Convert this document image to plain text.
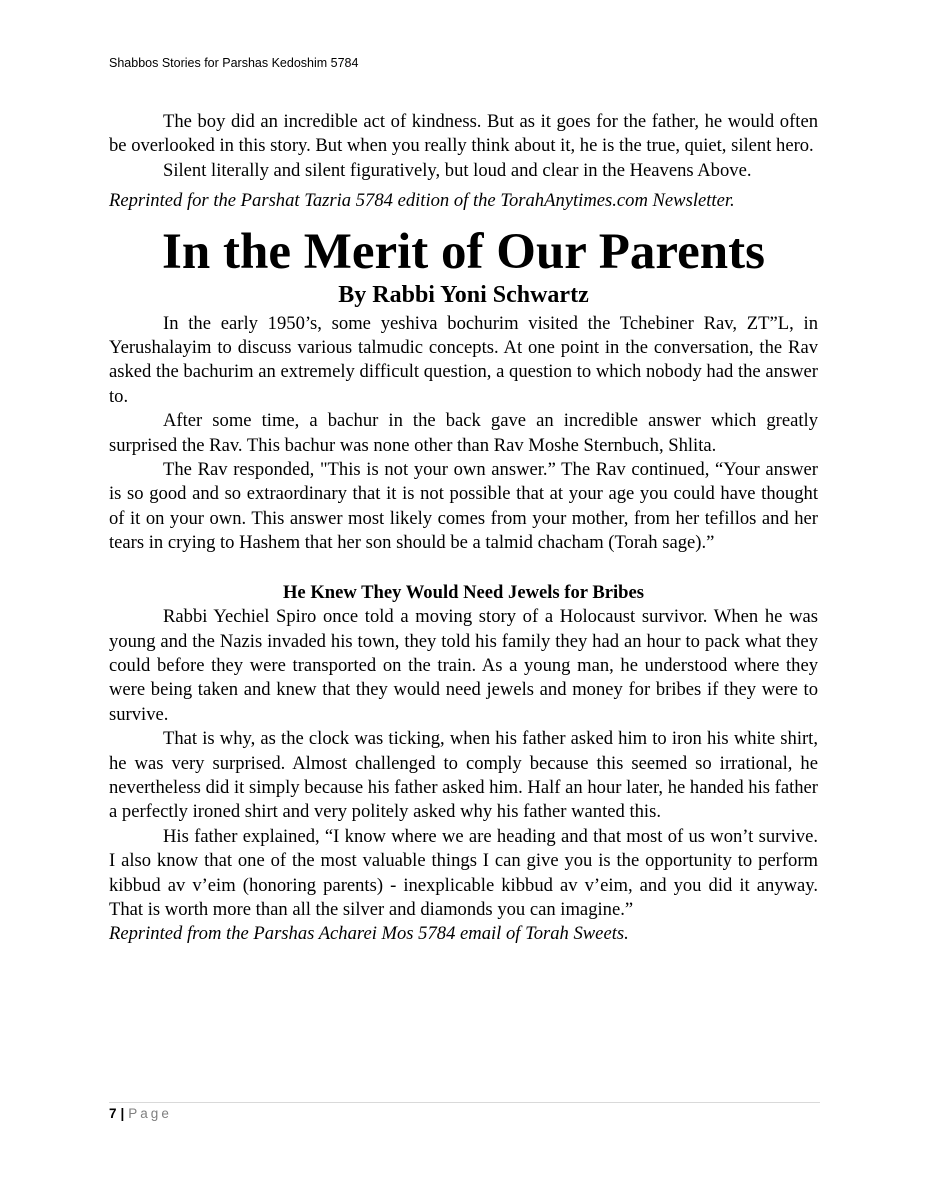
Shabbos Stories for Parshas Kedoshim 5784

The boy did an incredible act of kindness. But as it goes for the father, he would often be overlooked in this story. But when you really think about it, he is the true, quiet, silent hero.

Silent literally and silent figuratively, but loud and clear in the Heavens Above.

Reprinted for the Parshat Tazria 5784 edition of the TorahAnytimes.com Newsletter.

In the Merit of Our Parents
By Rabbi Yoni Schwartz

In the early 1950’s, some yeshiva bochurim visited the Tchebiner Rav, ZT”L, in Yerushalayim to discuss various talmudic concepts. At one point in the conversation, the Rav asked the bachurim an extremely difficult question, a question to which nobody had the answer to.

After some time, a bachur in the back gave an incredible answer which greatly surprised the Rav. This bachur was none other than Rav Moshe Sternbuch, Shlita.

The Rav responded, "This is not your own answer.” The Rav continued, “Your answer is so good and so extraordinary that it is not possible that at your age you could have thought of it on your own. This answer most likely comes from your mother, from her tefillos and her tears in crying to Hashem that her son should be a talmid chacham (Torah sage).”

He Knew They Would Need Jewels for Bribes

Rabbi Yechiel Spiro once told a moving story of a Holocaust survivor. When he was young and the Nazis invaded his town, they told his family they had an hour to pack what they could before they were transported on the train. As a young man, he understood where they were being taken and knew that they would need jewels and money for bribes if they were to survive.

That is why, as the clock was ticking, when his father asked him to iron his white shirt, he was very surprised. Almost challenged to comply because this seemed so irrational, he nevertheless did it simply because his father asked him. Half an hour later, he handed his father a perfectly ironed shirt and very politely asked why his father wanted this.

His father explained, “I know where we are heading and that most of us won’t survive. I also know that one of the most valuable things I can give you is the opportunity to perform kibbud av v’eim (honoring parents) - inexplicable kibbud av v’eim, and you did it anyway. That is worth more than all the silver and diamonds you can imagine.”

Reprinted from the Parshas Acharei Mos 5784 email of Torah Sweets.

7 | Page
